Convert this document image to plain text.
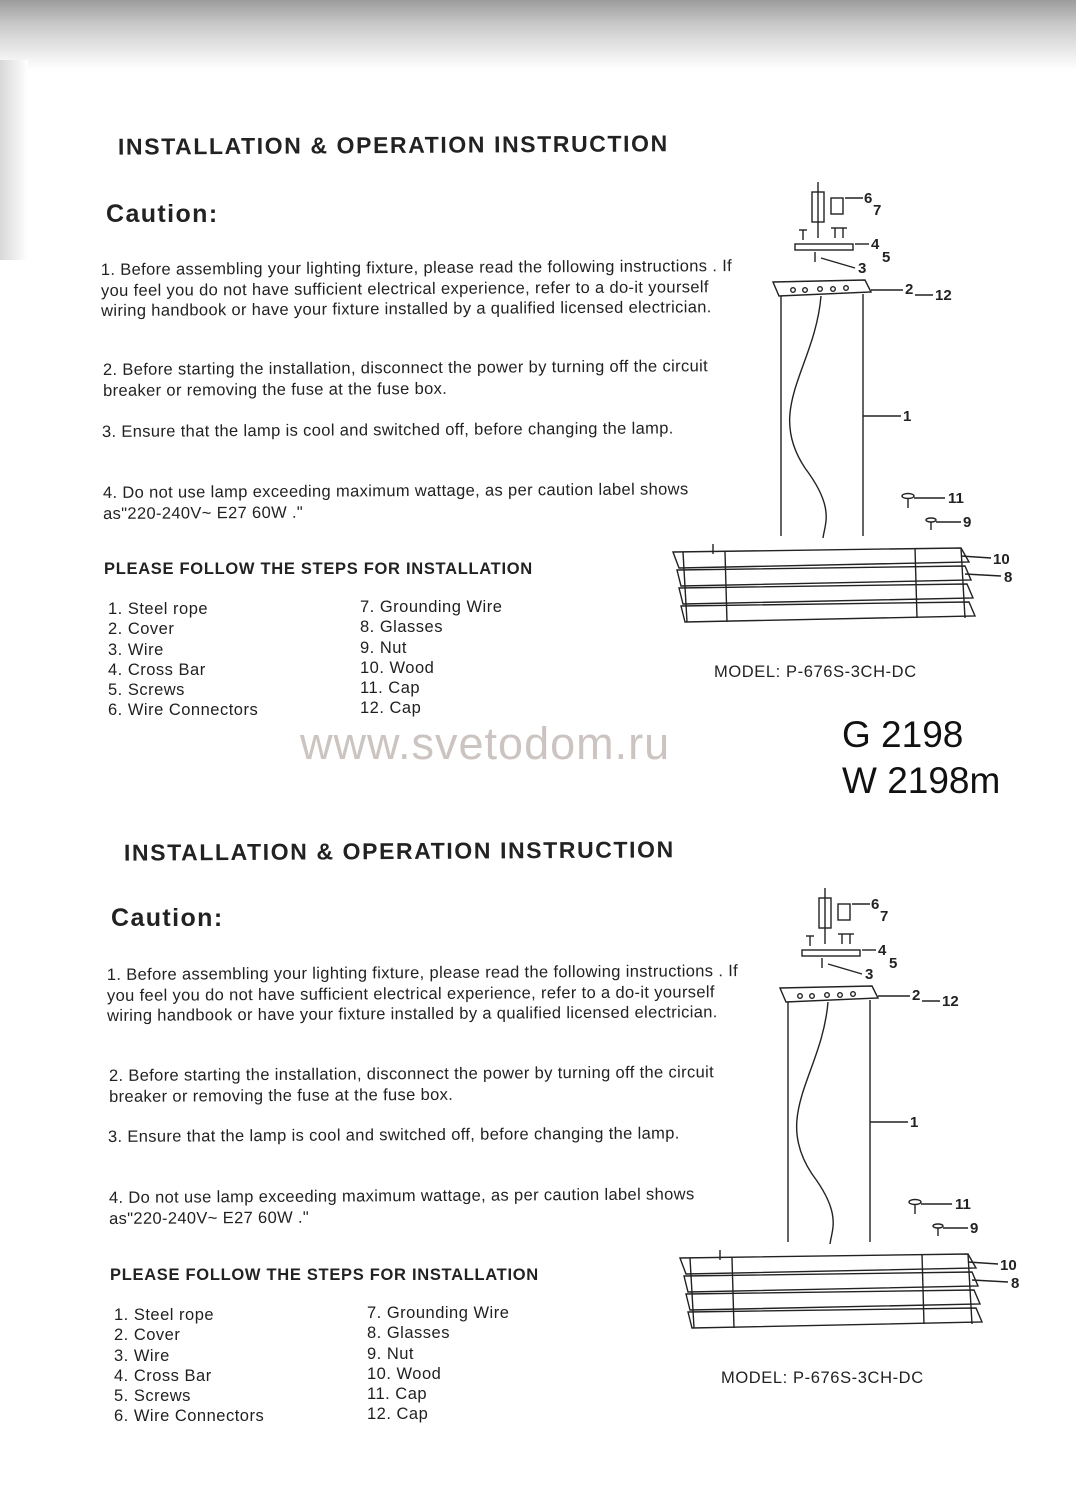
INSTALLATION & OPERATION INSTRUCTION
Caution:
1. Before assembling your lighting fixture, please read the following instructions . If you feel you do not have sufficient electrical experience, refer to a do-it yourself wiring handbook or have your fixture installed by a qualified licensed electrician.
2. Before starting the installation, disconnect the power by turning off the circuit breaker or removing the fuse at the fuse box.
3. Ensure that the lamp is cool and switched off, before changing the lamp.
4. Do not use lamp exceeding maximum wattage, as per caution label shows as"220-240V~ E27 60W ."
PLEASE FOLLOW THE STEPS FOR INSTALLATION
1. Steel rope
2. Cover
3. Wire
4. Cross Bar
5. Screws
6. Wire Connectors
7. Grounding Wire
8. Glasses
9. Nut
10. Wood
11. Cap
12. Cap
MODEL: P-676S-3CH-DC
6
7
4
5
3
2 12
1
11
9
10
8
www.svetodom.ru	G 2198
W 2198m
INSTALLATION & OPERATION INSTRUCTION
Caution:
1. Before assembling your lighting fixture, please read the following instructions . If you feel you do not have sufficient electrical experience, refer to a do-it yourself wiring handbook or have your fixture installed by a qualified licensed electrician.
2. Before starting the installation, disconnect the power by turning off the circuit breaker or removing the fuse at the fuse box.
3. Ensure that the lamp is cool and switched off, before changing the lamp.
4. Do not use lamp exceeding maximum wattage, as per caution label shows as"220-240V~ E27 60W ."
PLEASE FOLLOW THE STEPS FOR INSTALLATION
1. Steel rope
2. Cover
3. Wire
4. Cross Bar
5. Screws
6. Wire Connectors
7. Grounding Wire
8. Glasses
9. Nut
10. Wood
11. Cap
12. Cap
MODEL: P-676S-3CH-DC
6
7
4
5
3
2 12
1
11
9
10
8
